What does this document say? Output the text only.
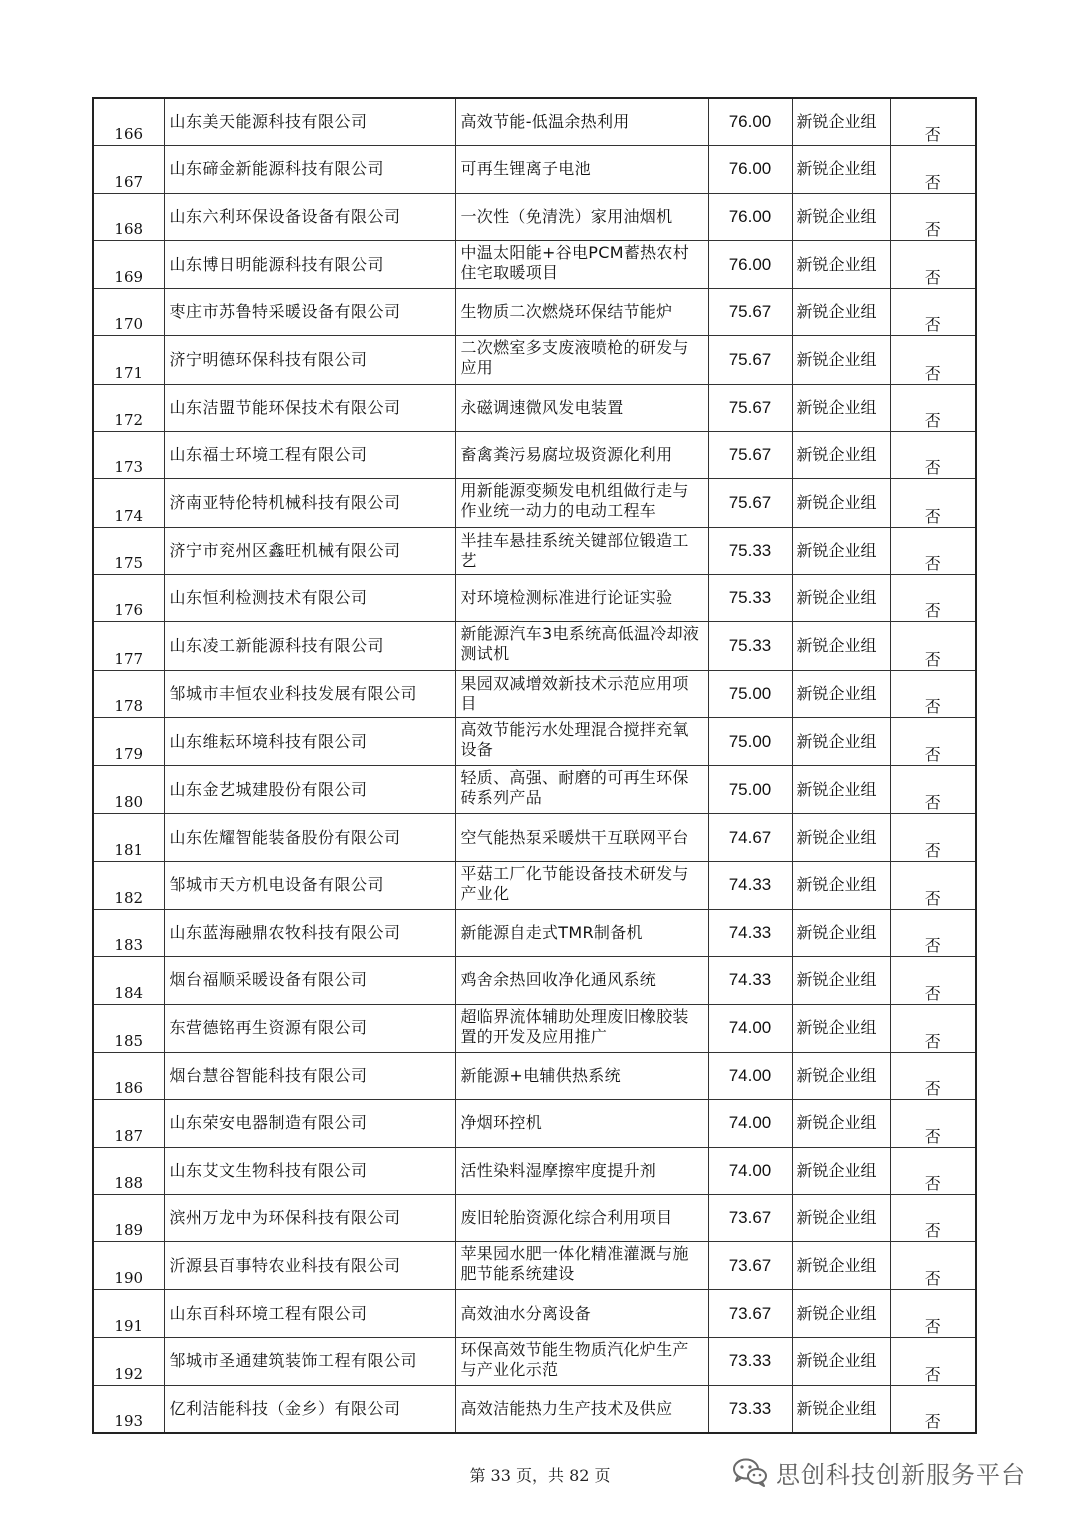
166	山东美天能源科技有限公司	高效节能-低温余热利用	76.00	新锐企业组	否
167	山东碲金新能源科技有限公司	可再生锂离子电池	76.00	新锐企业组	否
168	山东六利环保设备设备有限公司	一次性（免清洗）家用油烟机	76.00	新锐企业组	否
169	山东博日明能源科技有限公司	中温太阳能+谷电PCM蓄热农村住宅取暖项目	76.00	新锐企业组	否
170	枣庄市苏鲁特采暖设备有限公司	生物质二次燃烧环保结节能炉	75.67	新锐企业组	否
171	济宁明德环保科技有限公司	二次燃室多支废液喷枪的研发与应用	75.67	新锐企业组	否
172	山东洁盟节能环保技术有限公司	永磁调速微风发电装置	75.67	新锐企业组	否
173	山东福士环境工程有限公司	畜禽粪污易腐垃圾资源化利用	75.67	新锐企业组	否
174	济南亚特伦特机械科技有限公司	用新能源变频发电机组做行走与作业统一动力的电动工程车	75.67	新锐企业组	否
175	济宁市兖州区鑫旺机械有限公司	半挂车悬挂系统关键部位锻造工艺	75.33	新锐企业组	否
176	山东恒利检测技术有限公司	对环境检测标准进行论证实验	75.33	新锐企业组	否
177	山东凌工新能源科技有限公司	新能源汽车3电系统高低温冷却液测试机	75.33	新锐企业组	否
178	邹城市丰恒农业科技发展有限公司	果园双减增效新技术示范应用项目	75.00	新锐企业组	否
179	山东维耘环境科技有限公司	高效节能污水处理混合搅拌充氧设备	75.00	新锐企业组	否
180	山东金艺城建股份有限公司	轻质、高强、耐磨的可再生环保砖系列产品	75.00	新锐企业组	否
181	山东佐耀智能装备股份有限公司	空气能热泵采暖烘干互联网平台	74.67	新锐企业组	否
182	邹城市天方机电设备有限公司	平菇工厂化节能设备技术研发与产业化	74.33	新锐企业组	否
183	山东蓝海融鼎农牧科技有限公司	新能源自走式TMR制备机	74.33	新锐企业组	否
184	烟台福顺采暖设备有限公司	鸡舍余热回收净化通风系统	74.33	新锐企业组	否
185	东营德铭再生资源有限公司	超临界流体辅助处理废旧橡胶装置的开发及应用推广	74.00	新锐企业组	否
186	烟台慧谷智能科技有限公司	新能源+电辅供热系统	74.00	新锐企业组	否
187	山东荣安电器制造有限公司	净烟环控机	74.00	新锐企业组	否
188	山东艾文生物科技有限公司	活性染料湿摩擦牢度提升剂	74.00	新锐企业组	否
189	滨州万龙中为环保科技有限公司	废旧轮胎资源化综合利用项目	73.67	新锐企业组	否
190	沂源县百事特农业科技有限公司	苹果园水肥一体化精准灌溉与施肥节能系统建设	73.67	新锐企业组	否
191	山东百科环境工程有限公司	高效油水分离设备	73.67	新锐企业组	否
192	邹城市圣通建筑装饰工程有限公司	环保高效节能生物质汽化炉生产与产业化示范	73.33	新锐企业组	否
193	亿利洁能科技（金乡）有限公司	高效洁能热力生产技术及供应	73.33	新锐企业组	否
第 33 页，共 82 页	思创科技创新服务平台
